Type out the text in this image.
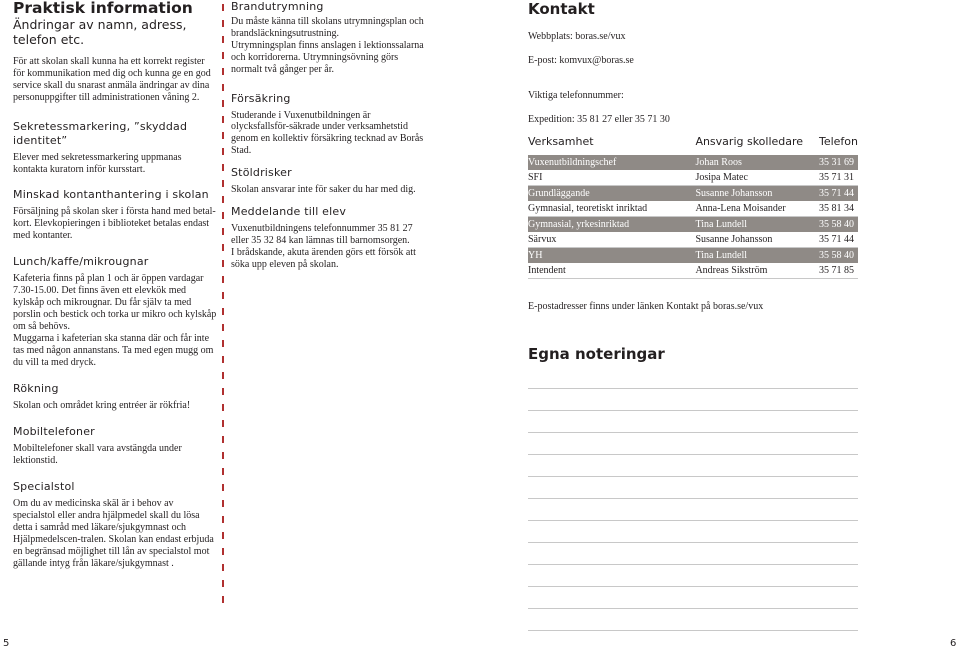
Praktisk information
Ändringar av namn, adress, telefon etc.

För att skolan skall kunna ha ett korrekt register för kommunikation med dig och kunna ge en god service skall du snarast anmäla ändringar av dina personuppgifter till administrationen våning 2.

Sekretessmarkering, ”skyddad identitet”

Elever med sekretessmarkering uppmanas kontakta kuratorn inför kursstart.

Minskad kontanthantering i skolan

Försäljning på skolan sker i första hand med betal-kort. Elevkopieringen i biblioteket betalas endast med kontanter.

Lunch/kaffe/mikrougnar

Kafeteria finns på plan 1 och är öppen vardagar 7.30-15.00. Det finns även ett elevkök med kylskåp och mikrougnar. Du får själv ta med porslin och bestick och torka ur mikro och kylskåp om så behövs.
Muggarna i kafeterian ska stanna där och får inte tas med någon annanstans. Ta med egen mugg om du vill ta med dryck.

Rökning

Skolan och området kring entréer är rökfria!

Mobiltelefoner

Mobiltelefoner skall vara avstängda under lektionstid.

Specialstol

Om du av medicinska skäl är i behov av specialstol eller andra hjälpmedel skall du lösa detta i samråd med läkare/sjukgymnast och Hjälpmedelscen-tralen. Skolan kan endast erbjuda en begränsad möjlighet till lån av specialstol mot gällande intyg från läkare/sjukgymnast .

Brandutrymning

Du måste känna till skolans utrymningsplan och brandsläckningsutrustning.
Utrymningsplan finns anslagen i lektionssalarna och korridorerna. Utrymningsövning görs normalt två gånger per år.

Försäkring

Studerande i Vuxenutbildningen är olycksfallsför-säkrade under verksamhetstid genom en kollektiv försäkring tecknad av Borås Stad.

Stöldrisker

Skolan ansvarar inte för saker du har med dig.

Meddelande till elev

Vuxenutbildningens telefonnummer 35 81 27 eller 35 32 84 kan lämnas till barnomsorgen.
I brådskande, akuta ärenden görs ett försök att söka upp eleven på skolan.

Kontakt

Webbplats: boras.se/vux

E-post: komvux@boras.se

Viktiga telefonnummer:

Expedition: 35 81 27 eller 35 71 30

Verksamhet	Ansvarig skolledare	Telefon
Vuxenutbildningschef	Johan Roos	35 31 69
SFI	Josipa Matec	35 71 31
Grundläggande	Susanne Johansson	35 71 44
Gymnasial, teoretiskt inriktad	Anna-Lena Moisander	35 81 34
Gymnasial, yrkesinriktad	Tina Lundell	35 58 40
Särvux	Susanne Johansson	35 71 44
YH	Tina Lundell	35 58 40
Intendent	Andreas Sikström	35 71 85

E-postadresser finns under länken Kontakt på boras.se/vux

Egna noteringar
5	6
